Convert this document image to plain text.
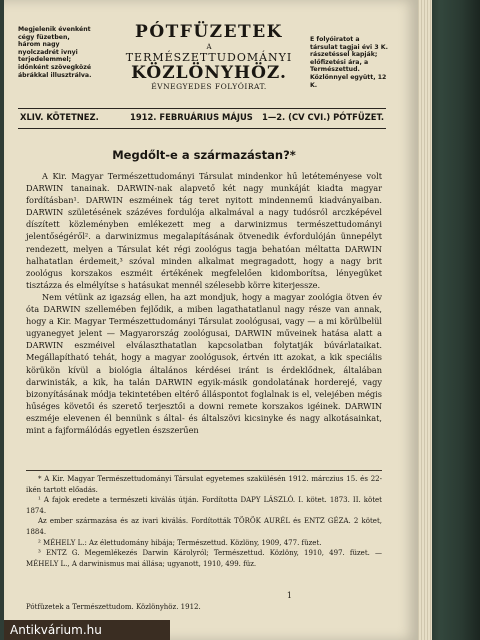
Megjelenik évenként cégy füzetben, három nagy nyolczadrét ivnyi terjedelemmel; időnként szövegközé ábrákkal illusztrálva.
PÓTFÜZETEK
A
TERMÉSZETTUDOMÁNYI
KÖZLÖNYHÖZ.
ÉVNEGYEDES FOLYÓIRAT.
E folyóiratot a társulat tagjai évi 3 K. rászetéssel kapják; előfizetési ára, a Természettud. Közlönnyel együtt, 12 K.
XLIV. KÖTETNEZ.	1912. FEBRUÁRIUS MÁJUS 1—2. (CV CVI.) PÓTFÜZET.
Megdőlt-e a származástan?*

A Kir. Magyar Természettudományi Társulat mindenkor hű letéteményese volt DARWIN tanainak. DARWIN-nak alapvető két nagy munkáját kiadta magyar fordításban¹. DARWIN eszméinek tág teret nyitott mindennemű kiadványaiban. DARWIN születésének százéves fordulója alkalmával a nagy tudósról arczképével díszített közleményben emlékezett meg a darwinizmus természettudományi jelentőségéről². a darwinizmus megalapításának ötvenedik évfordulóján ünnepélyt rendezett, melyen a Társulat két régi zoológus tagja behatóan méltatta DARWIN halhatatlan érdemeit,³ szóval minden alkalmat megragadott, hogy a nagy brit zoológus korszakos eszméit értékének megfelelően kidomborítsa, lényegüket tisztázza és elmélyítse s hatásukat mennél szélesebb körre kiterjessze.

Nem vétünk az igazság ellen, ha azt mondjuk, hogy a magyar zoológia ötven év óta DARWIN szellemében fejlődik, a miben lagathatatlanul nagy része van annak, hogy a Kir. Magyar Természettudományi Társulat zoológusai, vagy — a mi körülbelül ugyanegyet jelent — Magyarország zoológusai, DARWIN műveinek hatása alatt a DARWIN eszméivel elválaszthatatlan kapcsolatban folytatják búvárlataikat. Megállapítható tehát, hogy a magyar zoológusok, értvén itt azokat, a kik speciális körükön kívül a biológia általános kérdései iránt is érdeklődnek, általában darwinisták, a kik, ha talán DARWIN egyik-másik gondolatának horderejé, vagy bizonyításának módja tekintetében eltérő álláspontot foglalnak is el, velejében mégis hűséges követői és szerető terjesztői a downi remete korszakos igéinek. DARWIN eszméje elevenen él bennünk s által- és általszövi kicsinyke és nagy alkotásainkat, mint a fajformálódás egyetlen észszerűen

* A Kir. Magyar Természettudományi Társulat egyetemes szakülésén 1912. márczius 15. és 22-ikén tartott előadás.

¹ A fajok eredete a természeti kiválás útján. Fordította DAPY LÁSZLÓ. I. kötet. 1873. II. kötet 1874.

Az ember származása és az ivari kiválás. Fordították TÖRÖK AURÉL és ENTZ GÉZA. 2 kötet, 1884.

² MÉHELY L.: Az élettudomány hibája; Természettud. Közlöny, 1909, 477. füzet.

³ ENTZ G. Megemlékezés Darwin Károlyról; Természettud. Közlöny, 1910, 497. füzet. — MÉHELY L., A darwinismus mai állása; ugyanott, 1910, 499. füz.

Pótfüzetek a Természettudom. Közlönyhöz. 1912.
1
Antikvárium.hu
